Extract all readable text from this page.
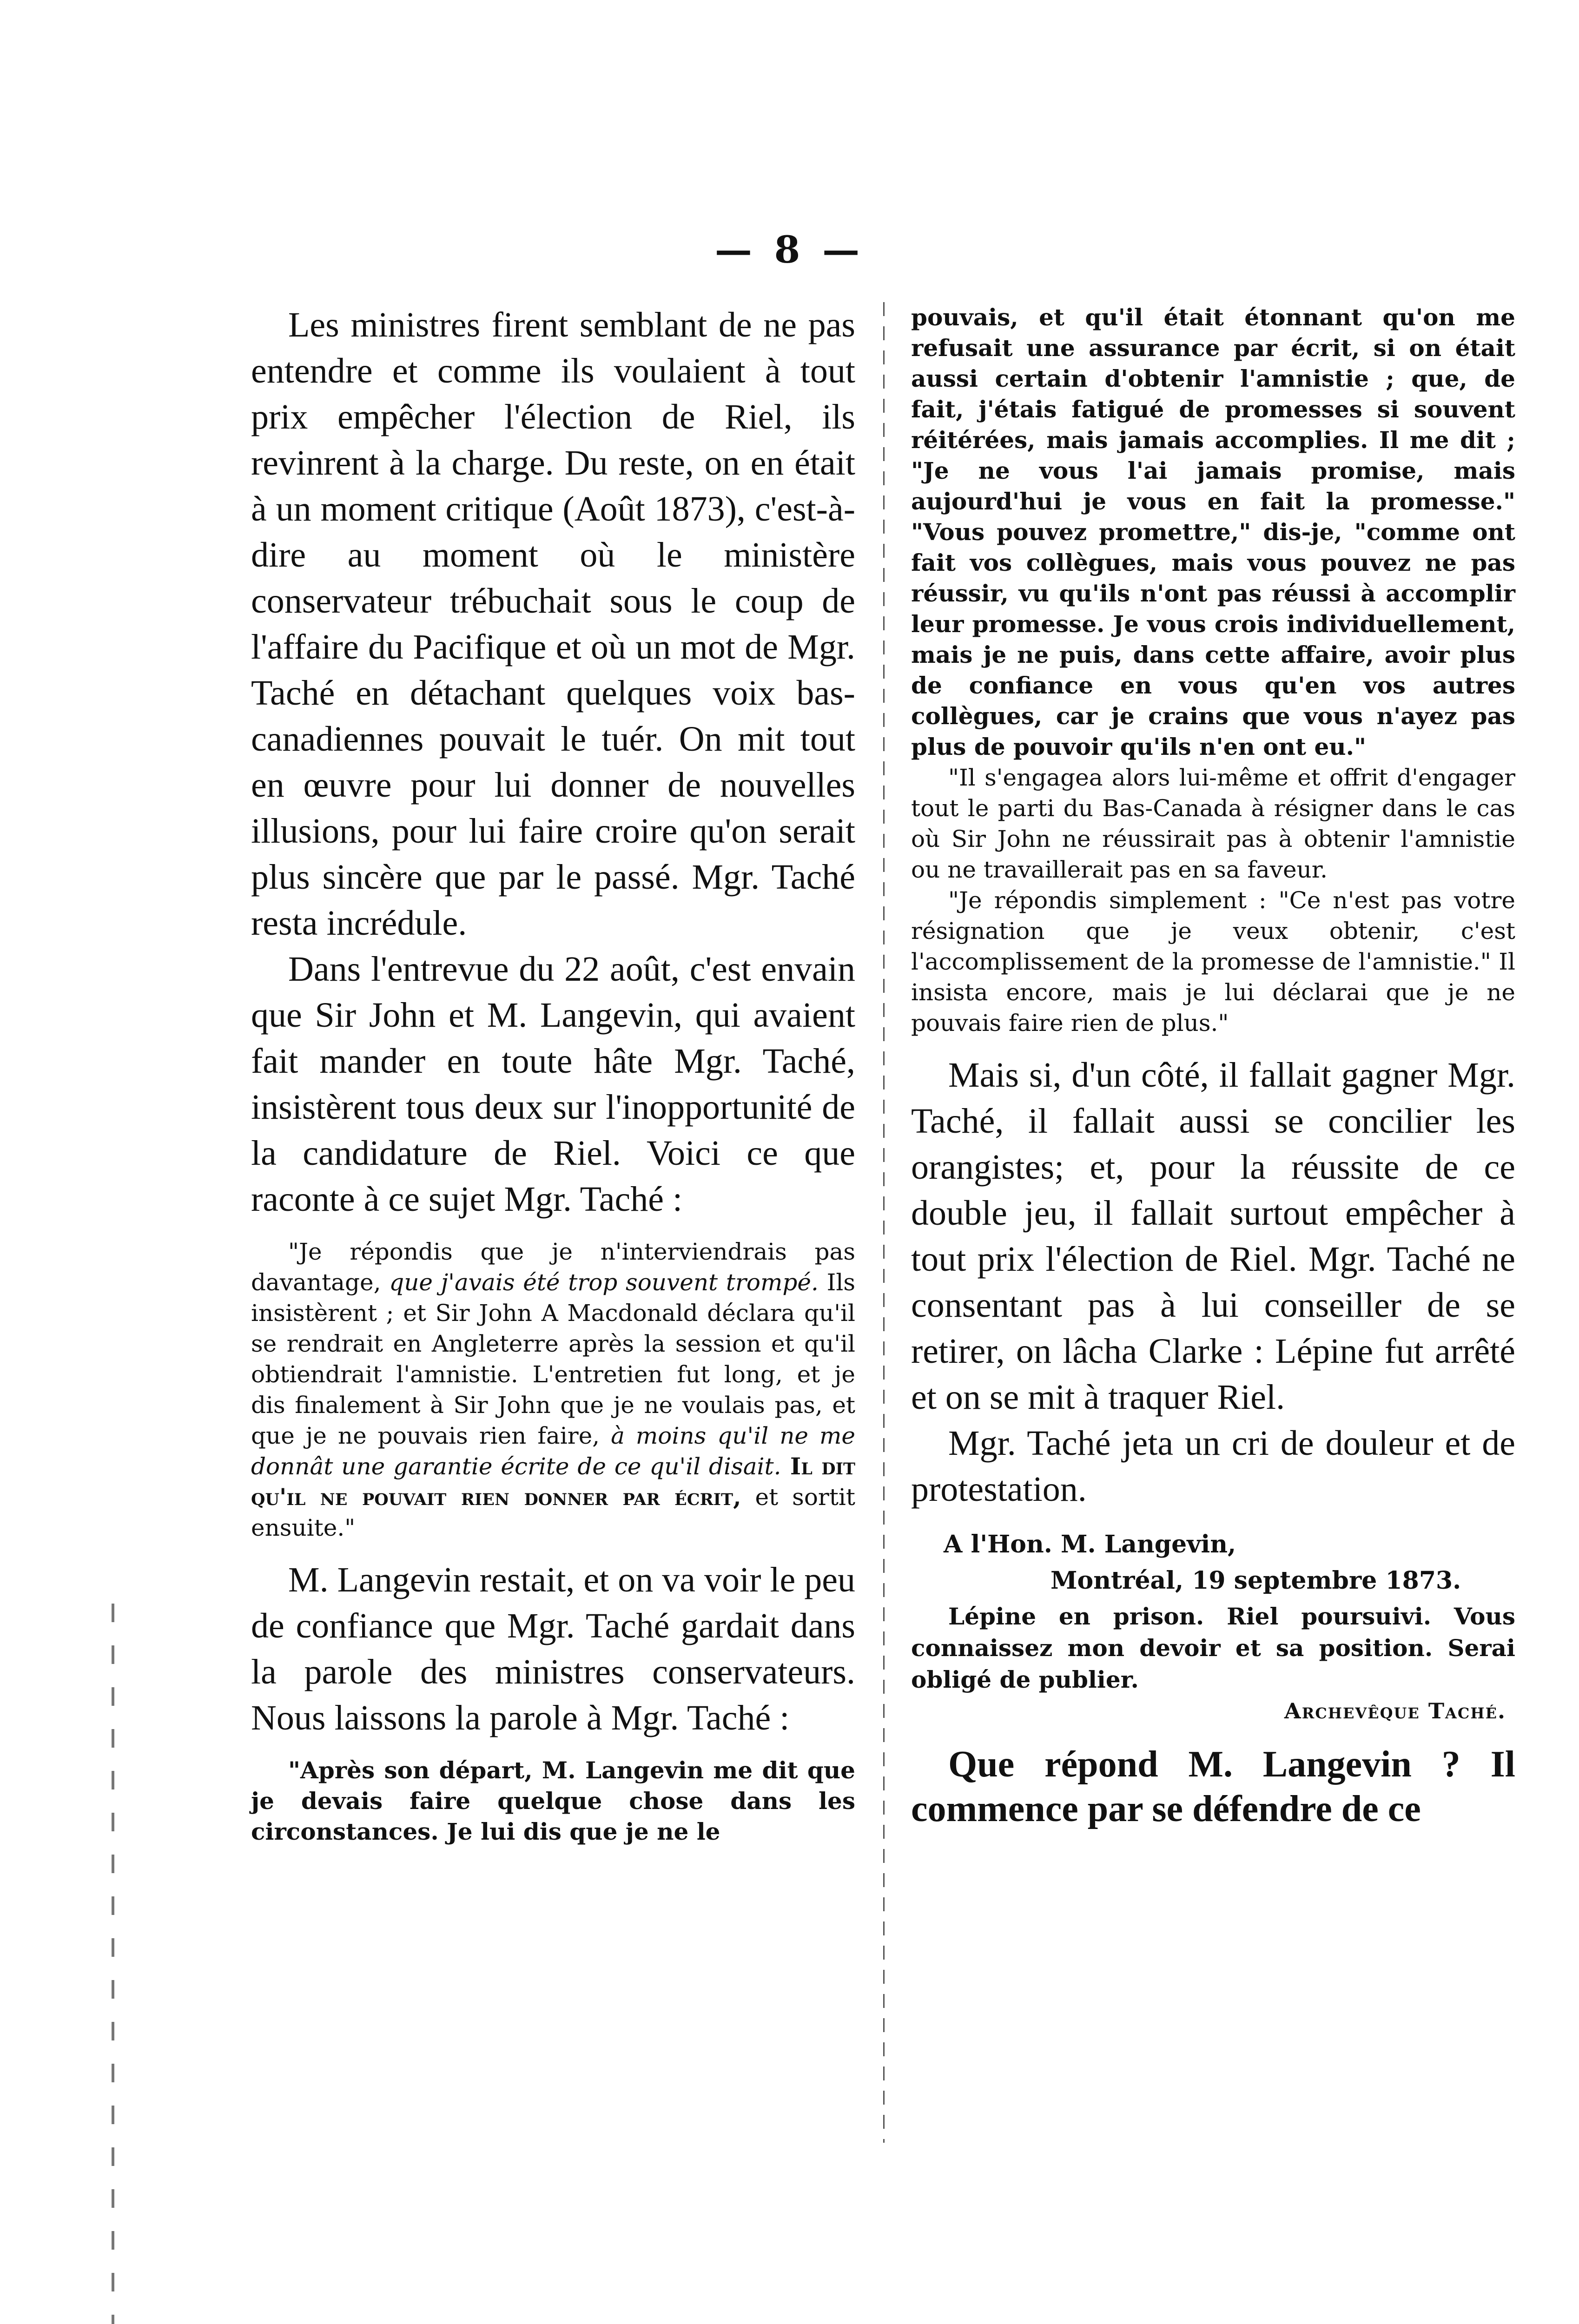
— 8 —

Les ministres firent semblant de ne pas entendre et comme ils voulaient à tout prix empêcher l'élection de Riel, ils revinrent à la charge. Du reste, on en était à un moment critique (Août 1873), c'est-à-dire au moment où le ministère conservateur trébuchait sous le coup de l'affaire du Pacifique et où un mot de Mgr. Taché en détachant quelques voix bas-canadiennes pouvait le tuér. On mit tout en œuvre pour lui donner de nouvelles illusions, pour lui faire croire qu'on serait plus sincère que par le passé. Mgr. Taché resta incrédule.

Dans l'entrevue du 22 août, c'est envain que Sir John et M. Langevin, qui avaient fait mander en toute hâte Mgr. Taché, insistèrent tous deux sur l'inopportunité de la candidature de Riel. Voici ce que raconte à ce sujet Mgr. Taché :

"Je répondis que je n'interviendrais pas davantage, que j'avais été trop souvent trompé. Ils insistèrent ; et Sir John A Macdonald déclara qu'il se rendrait en Angleterre après la session et qu'il obtiendrait l'amnistie. L'entretien fut long, et je dis finalement à Sir John que je ne voulais pas, et que je ne pouvais rien faire, à moins qu'il ne me donnât une garantie écrite de ce qu'il disait. Il dit qu'il ne pouvait rien donner par écrit, et sortit ensuite."

M. Langevin restait, et on va voir le peu de confiance que Mgr. Taché gardait dans la parole des ministres conservateurs. Nous laissons la parole à Mgr. Taché :

"Après son départ, M. Langevin me dit que je devais faire quelque chose dans les circonstances. Je lui dis que je ne le

pouvais, et qu'il était étonnant qu'on me refusait une assurance par écrit, si on était aussi certain d'obtenir l'amnistie ; que, de fait, j'étais fatigué de promesses si souvent réitérées, mais jamais accomplies. Il me dit ; "Je ne vous l'ai jamais promise, mais aujourd'hui je vous en fait la promesse." "Vous pouvez promettre," dis-je, "comme ont fait vos collègues, mais vous pouvez ne pas réussir, vu qu'ils n'ont pas réussi à accomplir leur promesse. Je vous crois individuellement, mais je ne puis, dans cette affaire, avoir plus de confiance en vous qu'en vos autres collègues, car je crains que vous n'ayez pas plus de pouvoir qu'ils n'en ont eu."

"Il s'engagea alors lui-même et offrit d'engager tout le parti du Bas-Canada à résigner dans le cas où Sir John ne réussirait pas à obtenir l'amnistie ou ne travaillerait pas en sa faveur.

"Je répondis simplement : "Ce n'est pas votre résignation que je veux obtenir, c'est l'accomplissement de la promesse de l'amnistie." Il insista encore, mais je lui déclarai que je ne pouvais faire rien de plus."

Mais si, d'un côté, il fallait gagner Mgr. Taché, il fallait aussi se concilier les orangistes; et, pour la réussite de ce double jeu, il fallait surtout empêcher à tout prix l'élection de Riel. Mgr. Taché ne consentant pas à lui conseiller de se retirer, on lâcha Clarke : Lépine fut arrêté et on se mit à traquer Riel.

Mgr. Taché jeta un cri de douleur et de protestation.

A l'Hon. M. Langevin,
Montréal, 19 septembre 1873.

Lépine en prison. Riel poursuivi. Vous connaissez mon devoir et sa position. Serai obligé de publier.

Archevêque Taché.

Que répond M. Langevin ? Il commence par se défendre de ce
